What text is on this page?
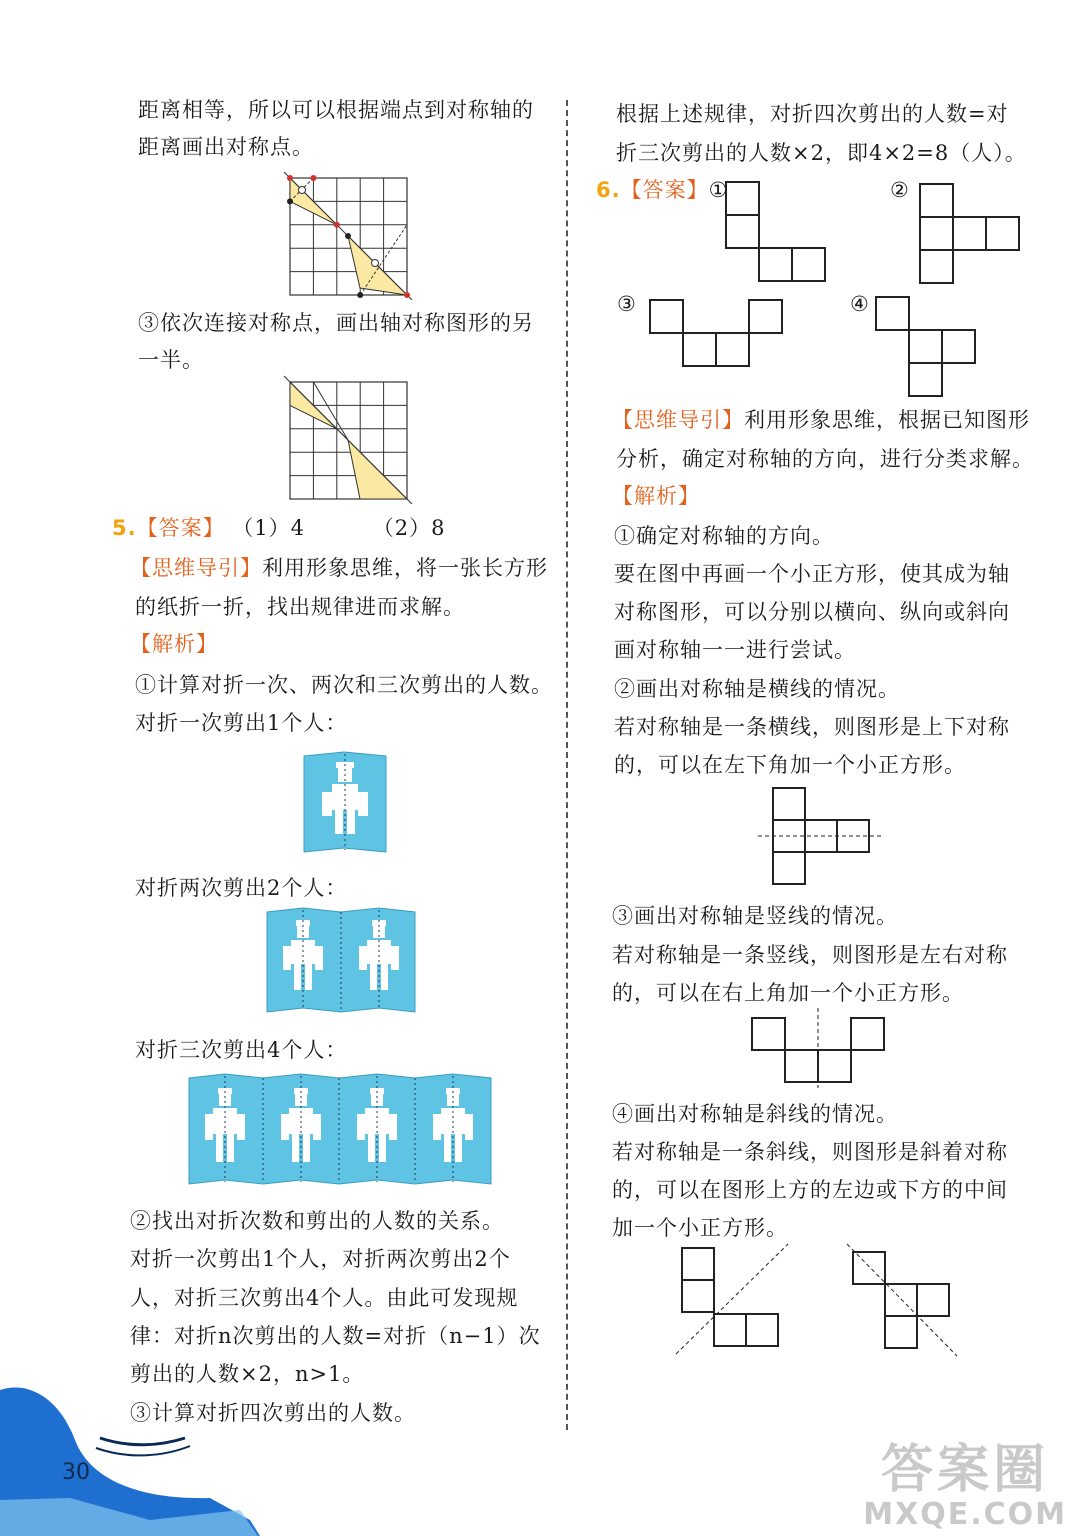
距离相等，所以可以根据端点到对称轴的
距离画出对称点。
③依次连接对称点，画出轴对称图形的另
一半。
5.【答案】 （1）4	（2）8
【思维导引】利用形象思维，将一张长方形
的纸折一折，找出规律进而求解。
【解析】
①计算对折一次、两次和三次剪出的人数。
对折一次剪出1个人：
对折两次剪出2个人：
对折三次剪出4个人：
②找出对折次数和剪出的人数的关系。
对折一次剪出1个人，对折两次剪出2个
人，对折三次剪出4个人。由此可发现规
律：对折n次剪出的人数=对折（n−1）次
剪出的人数×2，n>1。
③计算对折四次剪出的人数。
30
根据上述规律，对折四次剪出的人数=对
折三次剪出的人数×2，即4×2=8（人）。
6.【答案】①	②
③	④
【思维导引】利用形象思维，根据已知图形
分析，确定对称轴的方向，进行分类求解。
【解析】
①确定对称轴的方向。
要在图中再画一个小正方形，使其成为轴
对称图形，可以分别以横向、纵向或斜向
画对称轴一一进行尝试。
②画出对称轴是横线的情况。
若对称轴是一条横线，则图形是上下对称
的，可以在左下角加一个小正方形。
③画出对称轴是竖线的情况。
若对称轴是一条竖线，则图形是左右对称
的，可以在右上角加一个小正方形。
④画出对称轴是斜线的情况。
若对称轴是一条斜线，则图形是斜着对称
的，可以在图形上方的左边或下方的中间
加一个小正方形。
答案圈
MXQE.COM
